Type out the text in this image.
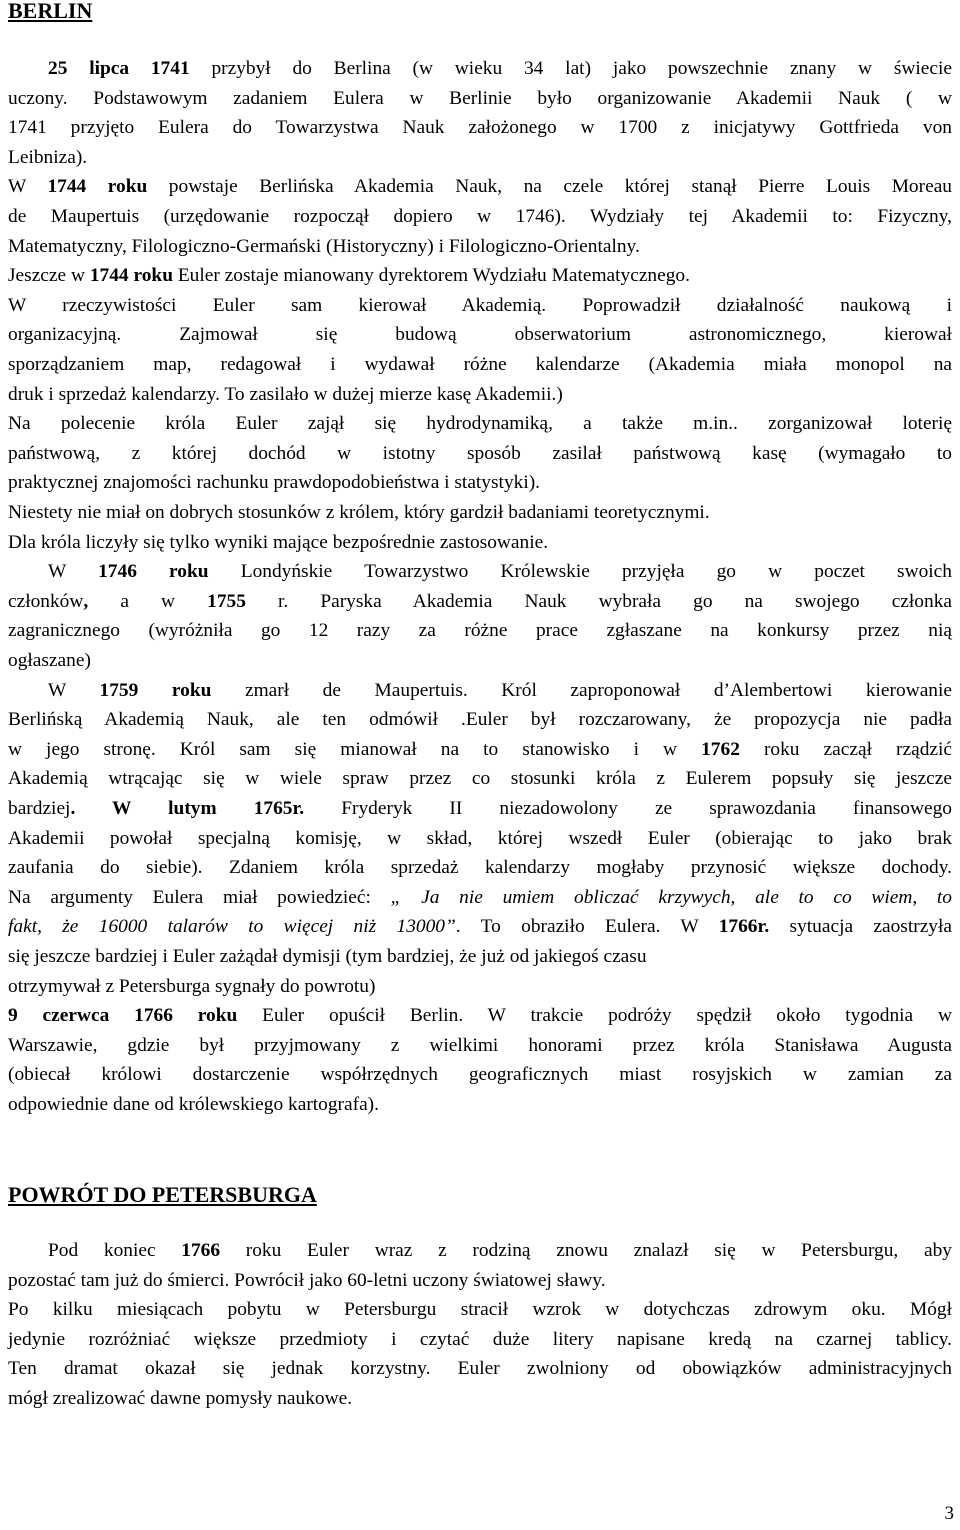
BERLIN

25 lipca 1741 przybył do Berlina (w wieku 34 lat) jako powszechnie znany w świecie

uczony. Podstawowym zadaniem Eulera w Berlinie było organizowanie Akademii Nauk ( w

1741 przyjęto Eulera do Towarzystwa Nauk założonego w 1700 z inicjatywy Gottfrieda von

Leibniza).

W 1744 roku powstaje Berlińska Akademia Nauk, na czele której stanął Pierre Louis Moreau

de Maupertuis (urzędowanie rozpoczął dopiero w 1746). Wydziały tej Akademii to: Fizyczny,

Matematyczny, Filologiczno-Germański (Historyczny) i Filologiczno-Orientalny.

Jeszcze w 1744 roku Euler zostaje mianowany dyrektorem Wydziału Matematycznego.

W rzeczywistości Euler sam kierował Akademią. Poprowadził działalność naukową i

organizacyjną. Zajmował się budową obserwatorium astronomicznego, kierował

sporządzaniem map, redagował i wydawał różne kalendarze (Akademia miała monopol na

druk i sprzedaż kalendarzy. To zasilało w dużej mierze kasę Akademii.)

Na polecenie króla Euler zajął się hydrodynamiką, a także m.in.. zorganizował loterię

państwową, z której dochód w istotny sposób zasilał państwową kasę (wymagało to

praktycznej znajomości rachunku prawdopodobieństwa i statystyki).

Niestety nie miał on dobrych stosunków z królem, który gardził badaniami teoretycznymi.

Dla króla liczyły się tylko wyniki mające bezpośrednie zastosowanie.

W 1746 roku Londyńskie Towarzystwo Królewskie przyjęła go w poczet swoich

członków, a w 1755 r. Paryska Akademia Nauk wybrała go na swojego członka

zagranicznego (wyróżniła go 12 razy za różne prace zgłaszane na konkursy przez nią

ogłaszane)

W 1759 roku zmarł de Maupertuis. Król zaproponował d’Alembertowi kierowanie

Berlińską Akademią Nauk, ale ten odmówił .Euler był rozczarowany, że propozycja nie padła

w jego stronę. Król sam się mianował na to stanowisko i w 1762 roku zaczął rządzić

Akademią wtrącając się w wiele spraw przez co stosunki króla z Eulerem popsuły się jeszcze

bardziej. W lutym 1765r. Fryderyk II niezadowolony ze sprawozdania finansowego

Akademii powołał specjalną komisję, w skład, której wszedł Euler (obierając to jako brak

zaufania do siebie). Zdaniem króla sprzedaż kalendarzy mogłaby przynosić większe dochody.

Na argumenty Eulera miał powiedzieć: „ Ja nie umiem obliczać krzywych, ale to co wiem, to

fakt, że 16000 talarów to więcej niż 13000”. To obraziło Eulera. W 1766r. sytuacja zaostrzyła

się jeszcze bardziej i Euler zażądał dymisji (tym bardziej, że już od jakiegoś czasu

otrzymywał z Petersburga sygnały do powrotu)

9 czerwca 1766 roku Euler opuścił Berlin. W trakcie podróży spędził około tygodnia w

Warszawie, gdzie był przyjmowany z wielkimi honorami przez króla Stanisława Augusta

(obiecał królowi dostarczenie współrzędnych geograficznych miast rosyjskich w zamian za

odpowiednie dane od królewskiego kartografa).

POWRÓT DO PETERSBURGA

Pod koniec 1766 roku Euler wraz z rodziną znowu znalazł się w Petersburgu, aby

pozostać tam już do śmierci. Powrócił jako 60-letni uczony światowej sławy.

Po kilku miesiącach pobytu w Petersburgu stracił wzrok w dotychczas zdrowym oku. Mógł

jedynie rozróżniać większe przedmioty i czytać duże litery napisane kredą na czarnej tablicy.

Ten dramat okazał się jednak korzystny. Euler zwolniony od obowiązków administracyjnych

mógł zrealizować dawne pomysły naukowe.

3
